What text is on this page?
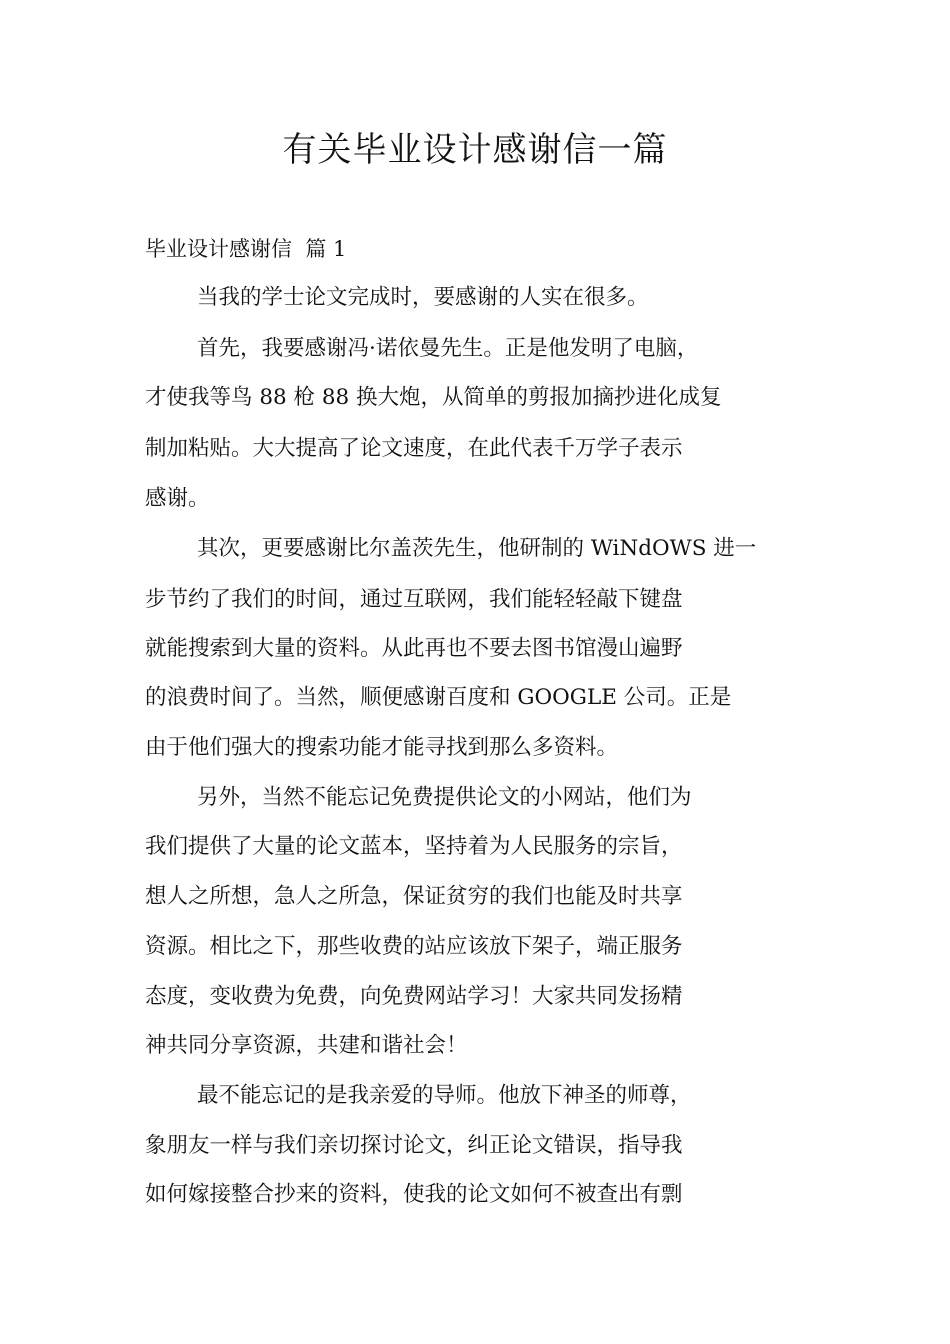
有关毕业设计感谢信一篇
毕业设计感谢信  篇 1
当我的学士论文完成时，要感谢的人实在很多。
首先，我要感谢冯·诺依曼先生。正是他发明了电脑，
才使我等鸟 88 枪 88 换大炮，从简单的剪报加摘抄进化成复
制加粘贴。大大提高了论文速度，在此代表千万学子表示
感谢。
其次，更要感谢比尔盖茨先生，他研制的 WiNdOWS 进一
步节约了我们的时间，通过互联网，我们能轻轻敲下键盘
就能搜索到大量的资料。从此再也不要去图书馆漫山遍野
的浪费时间了。当然，顺便感谢百度和 GOOGLE 公司。正是
由于他们强大的搜索功能才能寻找到那么多资料。
另外，当然不能忘记免费提供论文的小网站，他们为
我们提供了大量的论文蓝本，坚持着为人民服务的宗旨，
想人之所想，急人之所急，保证贫穷的我们也能及时共享
资源。相比之下，那些收费的站应该放下架子，端正服务
态度，变收费为免费，向免费网站学习！大家共同发扬精
神共同分享资源，共建和谐社会！
最不能忘记的是我亲爱的导师。他放下神圣的师尊，
象朋友一样与我们亲切探讨论文，纠正论文错误，指导我
如何嫁接整合抄来的资料，使我的论文如何不被查出有剽
